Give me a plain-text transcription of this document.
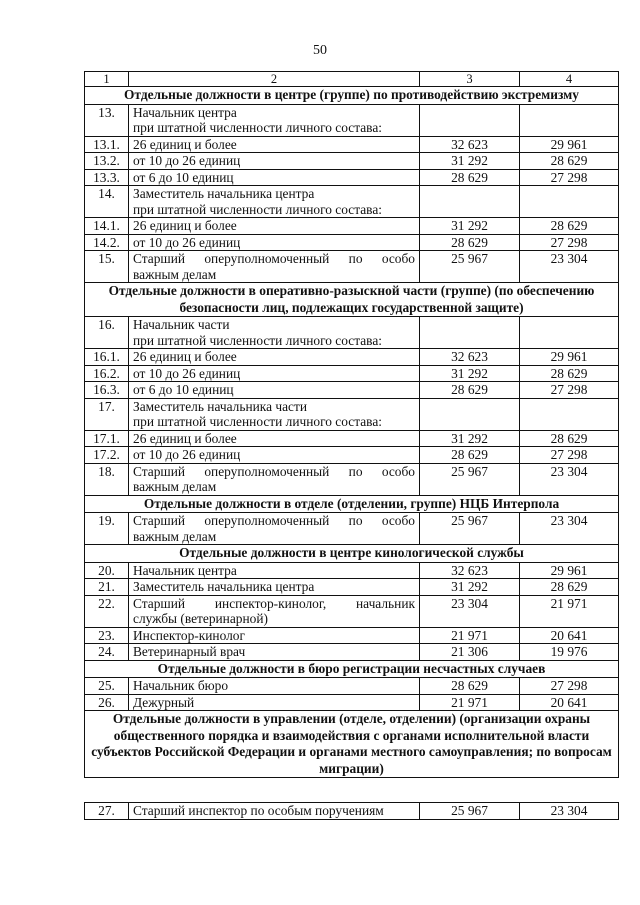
50
1	2	3	4
Отдельные должности в центре (группе) по противодействию экстремизму			
13.	Начальник центра
при штатной численности личного состава:		

13.1.	26 единиц и более	32 623	29 961
13.2.	от 10 до 26 единиц	31 292	28 629
13.3.	от 6 до 10 единиц	28 629	27 298
14.	Заместитель начальника центра
при штатной численности личного состава:		

14.1.	26 единиц и более	31 292	28 629
14.2.	от 10 до 26 единиц	28 629	27 298
15.	Старший оперуполномоченный по особо
важным делам	25 967	23 304
Отдельные должности в оперативно-разыскной части (группе) (по обеспечению безопасности лиц, подлежащих государственной защите)			
16.	Начальник части
при штатной численности личного состава:		

16.1.	26 единиц и более	32 623	29 961
16.2.	от 10 до 26 единиц	31 292	28 629
16.3.	от 6 до 10 единиц	28 629	27 298
17.	Заместитель начальника части
при штатной численности личного состава:		

17.1.	26 единиц и более	31 292	28 629
17.2.	от 10 до 26 единиц	28 629	27 298
18.	Старший оперуполномоченный по особо
важным делам	25 967	23 304
Отдельные должности в отделе (отделении, группе) НЦБ Интерпола			
19.	Старший оперуполномоченный по особо
важным делам	25 967	23 304
Отдельные должности в центре кинологической службы			
20.	Начальник центра	32 623	29 961
21.	Заместитель начальника центра	31 292	28 629
22.	Старший инспектор-кинолог, начальник
службы (ветеринарной)	23 304	21 971
23.	Инспектор-кинолог	21 971	20 641
24.	Ветеринарный врач	21 306	19 976
Отдельные должности в бюро регистрации несчастных случаев			
25.	Начальник бюро	28 629	27 298
26.	Дежурный	21 971	20 641
Отдельные должности в управлении (отделе, отделении) (организации охраны общественного порядка и взаимодействия с органами исполнительной власти субъектов Российской Федерации и органами местного самоуправления; по вопросам миграции)			

27.	Старший инспектор по особым поручениям	25 967	23 304
